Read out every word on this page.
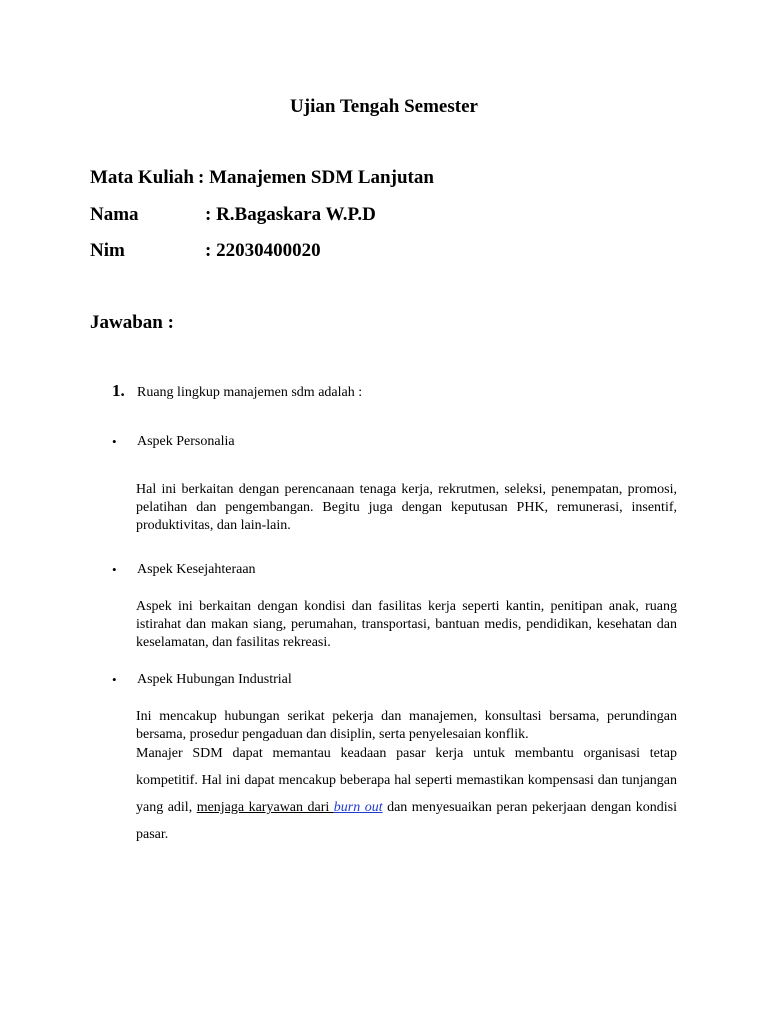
Ujian Tengah Semester
Mata Kuliah : Manajemen SDM Lanjutan
Nama	: R.Bagaskara W.P.D
Nim	: 22030400020
Jawaban :
1. Ruang lingkup manajemen sdm adalah :
• Aspek Personalia
Hal ini berkaitan dengan perencanaan tenaga kerja, rekrutmen, seleksi, penempatan, promosi, pelatihan dan pengembangan. Begitu juga dengan keputusan PHK, remunerasi, insentif, produktivitas, dan lain-lain.
• Aspek Kesejahteraan
Aspek ini berkaitan dengan kondisi dan fasilitas kerja seperti kantin, penitipan anak, ruang istirahat dan makan siang, perumahan, transportasi, bantuan medis, pendidikan, kesehatan dan keselamatan, dan fasilitas rekreasi.
• Aspek Hubungan Industrial
Ini mencakup hubungan serikat pekerja dan manajemen, konsultasi bersama, perundingan bersama, prosedur pengaduan dan disiplin, serta penyelesaian konflik.
Manajer SDM dapat memantau keadaan pasar kerja untuk membantu organisasi tetap kompetitif. Hal ini dapat mencakup beberapa hal seperti memastikan kompensasi dan tunjangan yang adil, menjaga karyawan dari burn out dan menyesuaikan peran pekerjaan dengan kondisi pasar.
